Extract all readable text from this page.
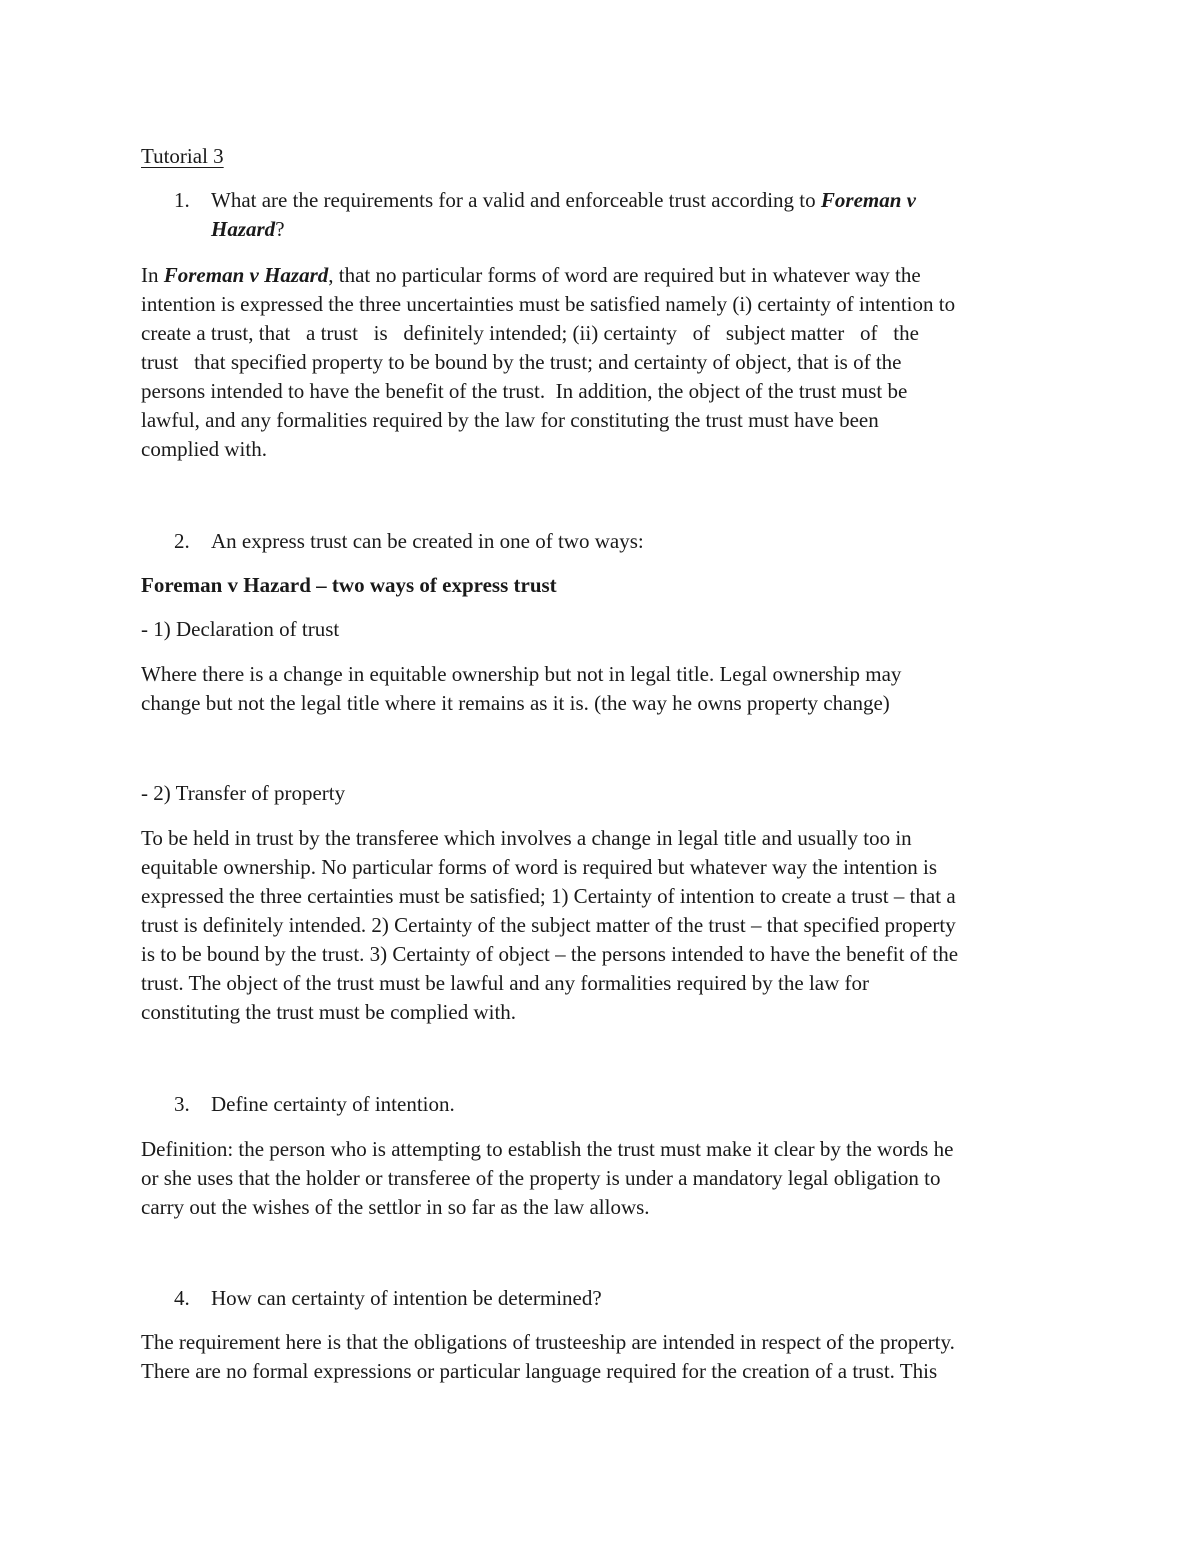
Tutorial 3
1. What are the requirements for a valid and enforceable trust according to Foreman v
Hazard?
In Foreman v Hazard, that no particular forms of word are required but in whatever way the
intention is expressed the three uncertainties must be satisfied namely (i) certainty of intention to
create a trust, that   a trust   is   definitely intended; (ii) certainty   of   subject matter   of   the
trust   that specified property to be bound by the trust; and certainty of object, that is of the
persons intended to have the benefit of the trust.  In addition, the object of the trust must be
lawful, and any formalities required by the law for constituting the trust must have been
complied with.
2. An express trust can be created in one of two ways:
Foreman v Hazard – two ways of express trust
- 1) Declaration of trust
Where there is a change in equitable ownership but not in legal title. Legal ownership may
change but not the legal title where it remains as it is. (the way he owns property change)
- 2) Transfer of property
To be held in trust by the transferee which involves a change in legal title and usually too in
equitable ownership. No particular forms of word is required but whatever way the intention is
expressed the three certainties must be satisfied; 1) Certainty of intention to create a trust – that a
trust is definitely intended. 2) Certainty of the subject matter of the trust – that specified property
is to be bound by the trust. 3) Certainty of object – the persons intended to have the benefit of the
trust. The object of the trust must be lawful and any formalities required by the law for
constituting the trust must be complied with.
3. Define certainty of intention.
Definition: the person who is attempting to establish the trust must make it clear by the words he
or she uses that the holder or transferee of the property is under a mandatory legal obligation to
carry out the wishes of the settlor in so far as the law allows.
4. How can certainty of intention be determined?
The requirement here is that the obligations of trusteeship are intended in respect of the property.
There are no formal expressions or particular language required for the creation of a trust. This
